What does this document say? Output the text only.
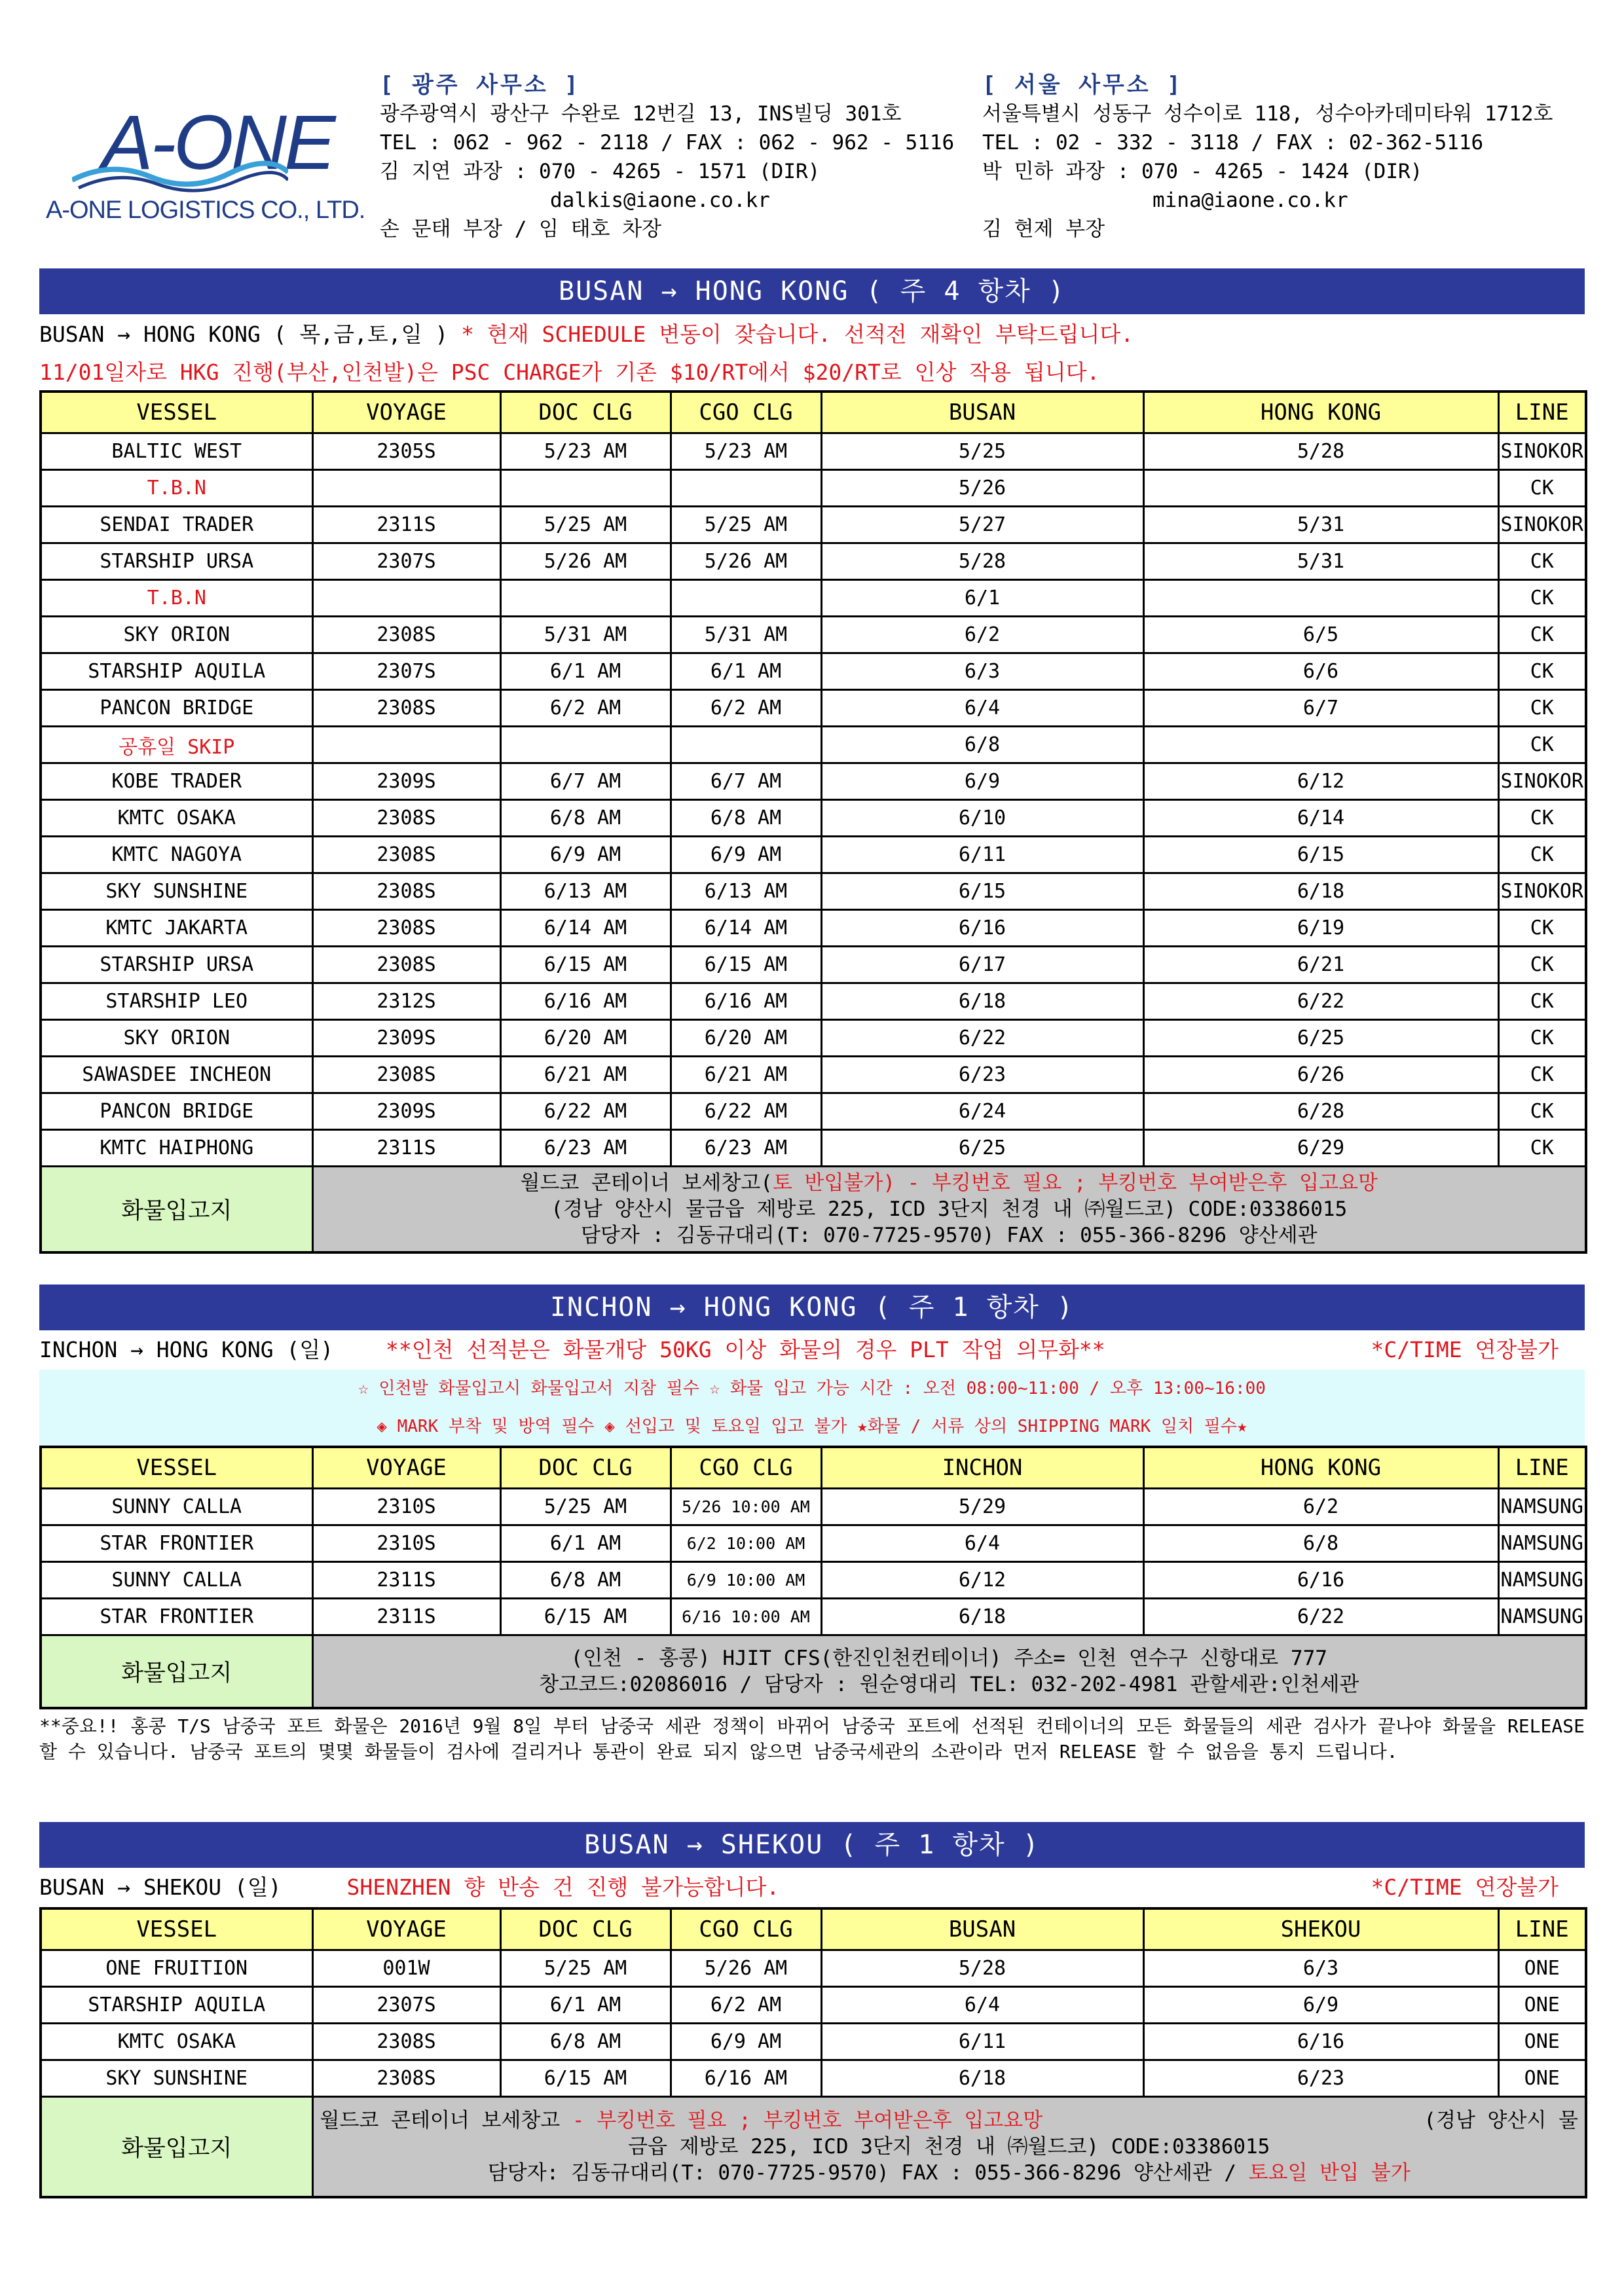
A-ONE
A-ONE LOGISTICS CO., LTD.
[ 광주 사무소 ]
광주광역시 광산구 수완로 12번길 13, INS빌딩 301호
TEL : 062 - 962 - 2118 / FAX : 062 - 962 - 5116
김 지연 과장 : 070 - 4265 - 1571 (DIR)
dalkis@iaone.co.kr
손 문태 부장 / 임 태호 차장
[ 서울 사무소 ]
서울특별시 성동구 성수이로 118, 성수아카데미타워 1712호
TEL : 02 - 332 - 3118 / FAX : 02-362-5116
박 민하 과장 : 070 - 4265 - 1424 (DIR)
mina@iaone.co.kr
김 현제 부장
BUSAN → HONG KONG ( 주 4 항차 )
BUSAN → HONG KONG ( 목,금,토,일 ) * 현재 SCHEDULE 변동이 잦습니다. 선적전 재확인 부탁드립니다.
11/01일자로 HKG 진행(부산,인천발)은 PSC CHARGE가 기존 $10/RT에서 $20/RT로 인상 작용 됩니다.
VESSEL	VOYAGE	DOC CLG	CGO CLG	BUSAN	HONG KONG	LINE
BALTIC WEST	2305S	5/23 AM	5/23 AM	5/25	5/28	SINOKOR
T.B.N				5/26		CK
SENDAI TRADER	2311S	5/25 AM	5/25 AM	5/27	5/31	SINOKOR
STARSHIP URSA	2307S	5/26 AM	5/26 AM	5/28	5/31	CK
T.B.N				6/1		CK
SKY ORION	2308S	5/31 AM	5/31 AM	6/2	6/5	CK
STARSHIP AQUILA	2307S	6/1 AM	6/1 AM	6/3	6/6	CK
PANCON BRIDGE	2308S	6/2 AM	6/2 AM	6/4	6/7	CK
공휴일 SKIP				6/8		CK
KOBE TRADER	2309S	6/7 AM	6/7 AM	6/9	6/12	SINOKOR
KMTC OSAKA	2308S	6/8 AM	6/8 AM	6/10	6/14	CK
KMTC NAGOYA	2308S	6/9 AM	6/9 AM	6/11	6/15	CK
SKY SUNSHINE	2308S	6/13 AM	6/13 AM	6/15	6/18	SINOKOR
KMTC JAKARTA	2308S	6/14 AM	6/14 AM	6/16	6/19	CK
STARSHIP URSA	2308S	6/15 AM	6/15 AM	6/17	6/21	CK
STARSHIP LEO	2312S	6/16 AM	6/16 AM	6/18	6/22	CK
SKY ORION	2309S	6/20 AM	6/20 AM	6/22	6/25	CK
SAWASDEE INCHEON	2308S	6/21 AM	6/21 AM	6/23	6/26	CK
PANCON BRIDGE	2309S	6/22 AM	6/22 AM	6/24	6/28	CK
KMTC HAIPHONG	2311S	6/23 AM	6/23 AM	6/25	6/29	CK
화물입고지	월드코 콘테이너 보세창고(토 반입불가) - 부킹번호 필요 ; 부킹번호 부여받은후 입고요망
(경남 양산시 물금읍 제방로 225, ICD 3단지 천경 내 ㈜월드코) CODE:03386015
담당자 : 김동규대리(T: 070-7725-9570) FAX : 055-366-8296 양산세관					
INCHON → HONG KONG ( 주 1 항차 )
INCHON → HONG KONG (일) **인천 선적분은 화물개당 50KG 이상 화물의 경우 PLT 작업 의무화**	*C/TIME 연장불가
☆ 인천발 화물입고시 화물입고서 지참 필수 ☆ 화물 입고 가능 시간 : 오전 08:00~11:00 / 오후 13:00~16:00
◈ MARK 부착 및 방역 필수 ◈ 선입고 및 토요일 입고 불가 ★화물 / 서류 상의 SHIPPING MARK 일치 필수★
VESSEL	VOYAGE	DOC CLG	CGO CLG	INCHON	HONG KONG	LINE
SUNNY CALLA	2310S	5/25 AM	5/26 10:00 AM	5/29	6/2	NAMSUNG
STAR FRONTIER	2310S	6/1 AM	6/2 10:00 AM	6/4	6/8	NAMSUNG
SUNNY CALLA	2311S	6/8 AM	6/9 10:00 AM	6/12	6/16	NAMSUNG
STAR FRONTIER	2311S	6/15 AM	6/16 10:00 AM	6/18	6/22	NAMSUNG
화물입고지	(인천 - 홍콩) HJIT CFS(한진인천컨테이너) 주소= 인천 연수구 신항대로 777
창고코드:02086016 / 담당자 : 원순영대리 TEL: 032-202-4981 관할세관:인천세관					
**중요!! 홍콩 T/S 남중국 포트 화물은 2016년 9월 8일 부터 남중국 세관 정책이 바뀌어 남중국 포트에 선적된 컨테이너의 모든 화물들의 세관 검사가 끝나야 화물을 RELEASE 할 수 있습니다. 남중국 포트의 몇몇 화물들이 검사에 걸리거나 통관이 완료 되지 않으면 남중국세관의 소관이라 먼저 RELEASE 할 수 없음을 통지 드립니다.
BUSAN → SHEKOU ( 주 1 항차 )
BUSAN → SHEKOU (일)	SHENZHEN 향 반송 건 진행 불가능합니다.	*C/TIME 연장불가
VESSEL	VOYAGE	DOC CLG	CGO CLG	BUSAN	SHEKOU	LINE
ONE FRUITION	001W	5/25 AM	5/26 AM	5/28	6/3	ONE
STARSHIP AQUILA	2307S	6/1 AM	6/2 AM	6/4	6/9	ONE
KMTC OSAKA	2308S	6/8 AM	6/9 AM	6/11	6/16	ONE
SKY SUNSHINE	2308S	6/15 AM	6/16 AM	6/18	6/23	ONE
화물입고지	월드코 콘테이너 보세창고 - 부킹번호 필요 ; 부킹번호 부여받은후 입고요망 (경남 양산시 물
금읍 제방로 225, ICD 3단지 천경 내 ㈜월드코) CODE:03386015
담당자: 김동규대리(T: 070-7725-9570) FAX : 055-366-8296 양산세관 / 토요일 반입 불가					
